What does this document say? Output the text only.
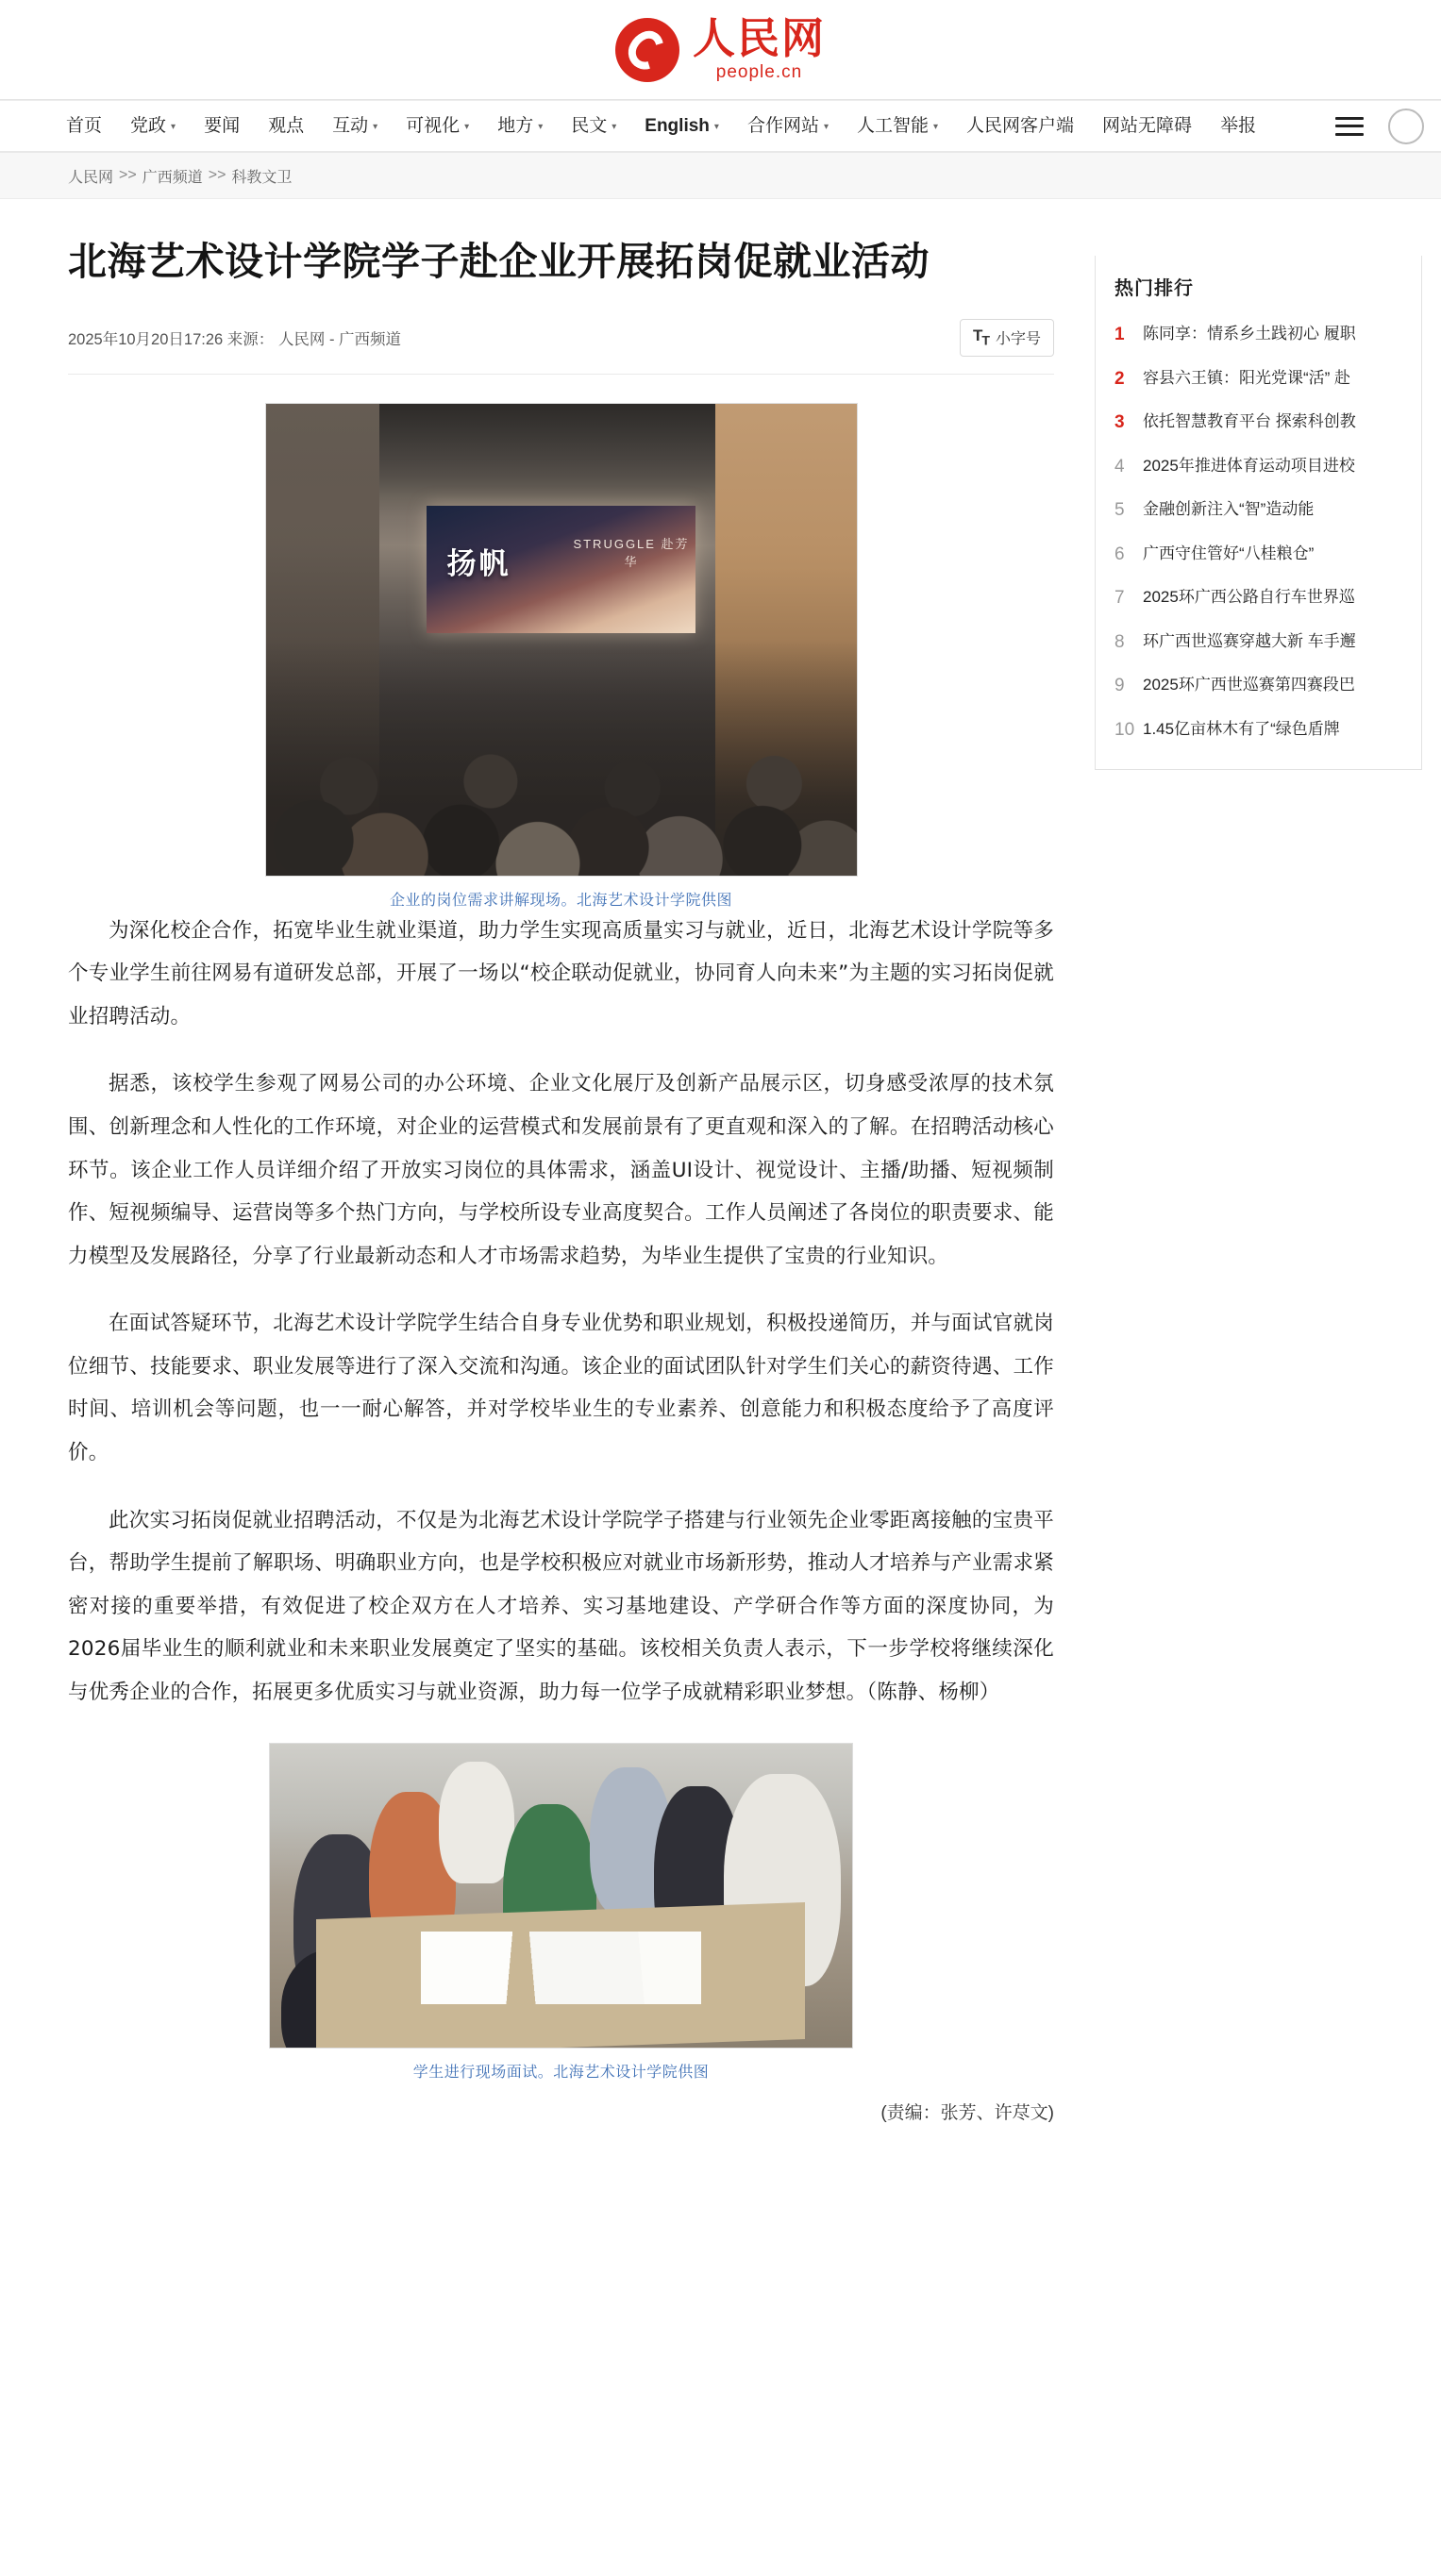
人民网
people.cn
首页 党政 ▾ 要闻 观点 互动 ▾ 可视化 ▾ 地方 ▾ 民文 ▾ English ▾ 合作网站 ▾ 人工智能 ▾ 人民网客户端 网站无障碍 举报
人民网 >> 广西频道 >> 科教文卫
北海艺术设计学院学子赴企业开展拓岗促就业活动
2025年10月20日17:26 来源： 人民网 - 广西频道	$T_T$ 小字号
扬帆
STRUGGLE 赴芳华
企业的岗位需求讲解现场。北海艺术设计学院供图

为深化校企合作，拓宽毕业生就业渠道，助力学生实现高质量实习与就业，近日，北海艺术设计学院等多个专业学生前往网易有道研发总部，开展了一场以“校企联动促就业，协同育人向未来”为主题的实习拓岗促就业招聘活动。

据悉，该校学生参观了网易公司的办公环境、企业文化展厅及创新产品展示区，切身感受浓厚的技术氛围、创新理念和人性化的工作环境，对企业的运营模式和发展前景有了更直观和深入的了解。在招聘活动核心环节。该企业工作人员详细介绍了开放实习岗位的具体需求，涵盖UI设计、视觉设计、主播/助播、短视频制作、短视频编导、运营岗等多个热门方向，与学校所设专业高度契合。工作人员阐述了各岗位的职责要求、能力模型及发展路径，分享了行业最新动态和人才市场需求趋势，为毕业生提供了宝贵的行业知识。

在面试答疑环节，北海艺术设计学院学生结合自身专业优势和职业规划，积极投递简历，并与面试官就岗位细节、技能要求、职业发展等进行了深入交流和沟通。该企业的面试团队针对学生们关心的薪资待遇、工作时间、培训机会等问题，也一一耐心解答，并对学校毕业生的专业素养、创意能力和积极态度给予了高度评价。

此次实习拓岗促就业招聘活动，不仅是为北海艺术设计学院学子搭建与行业领先企业零距离接触的宝贵平台，帮助学生提前了解职场、明确职业方向，也是学校积极应对就业市场新形势，推动人才培养与产业需求紧密对接的重要举措，有效促进了校企双方在人才培养、实习基地建设、产学研合作等方面的深度协同，为2026届毕业生的顺利就业和未来职业发展奠定了坚实的基础。该校相关负责人表示，下一步学校将继续深化与优秀企业的合作，拓展更多优质实习与就业资源，助力每一位学子成就精彩职业梦想。（陈静、杨柳）

学生进行现场面试。北海艺术设计学院供图
(责编：张芳、许荩文)
热门排行
1	陈同享：情系乡土践初心 履职
2	容县六王镇：阳光党课“活” 赴
3	依托智慧教育平台 探索科创教
4	2025年推进体育运动项目进校
5	金融创新注入“智”造动能
6	广西守住管好“八桂粮仓”
7	2025环广西公路自行车世界巡
8	环广西世巡赛穿越大新 车手邂
9	2025环广西世巡赛第四赛段巴
10 1.45亿亩林木有了“绿色盾牌
